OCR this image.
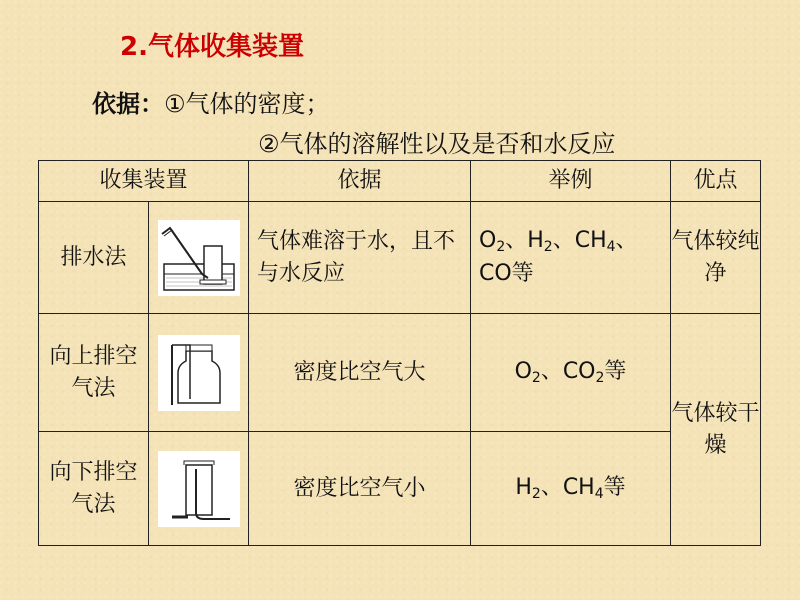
2.气体收集装置
依据：①气体的密度；
②气体的溶解性以及是否和水反应
收集装置		依据	举例	优点
排水法		气体难溶于水，且不与水反应	$O_2$、$H_2$、$CH_4$、CO等	气体较纯净
向上排空气法		密度比空气大	$O_2$、$CO_2$等	气体较干燥
向下排空气法		密度比空气小	$H_2$、$CH_4$等	
